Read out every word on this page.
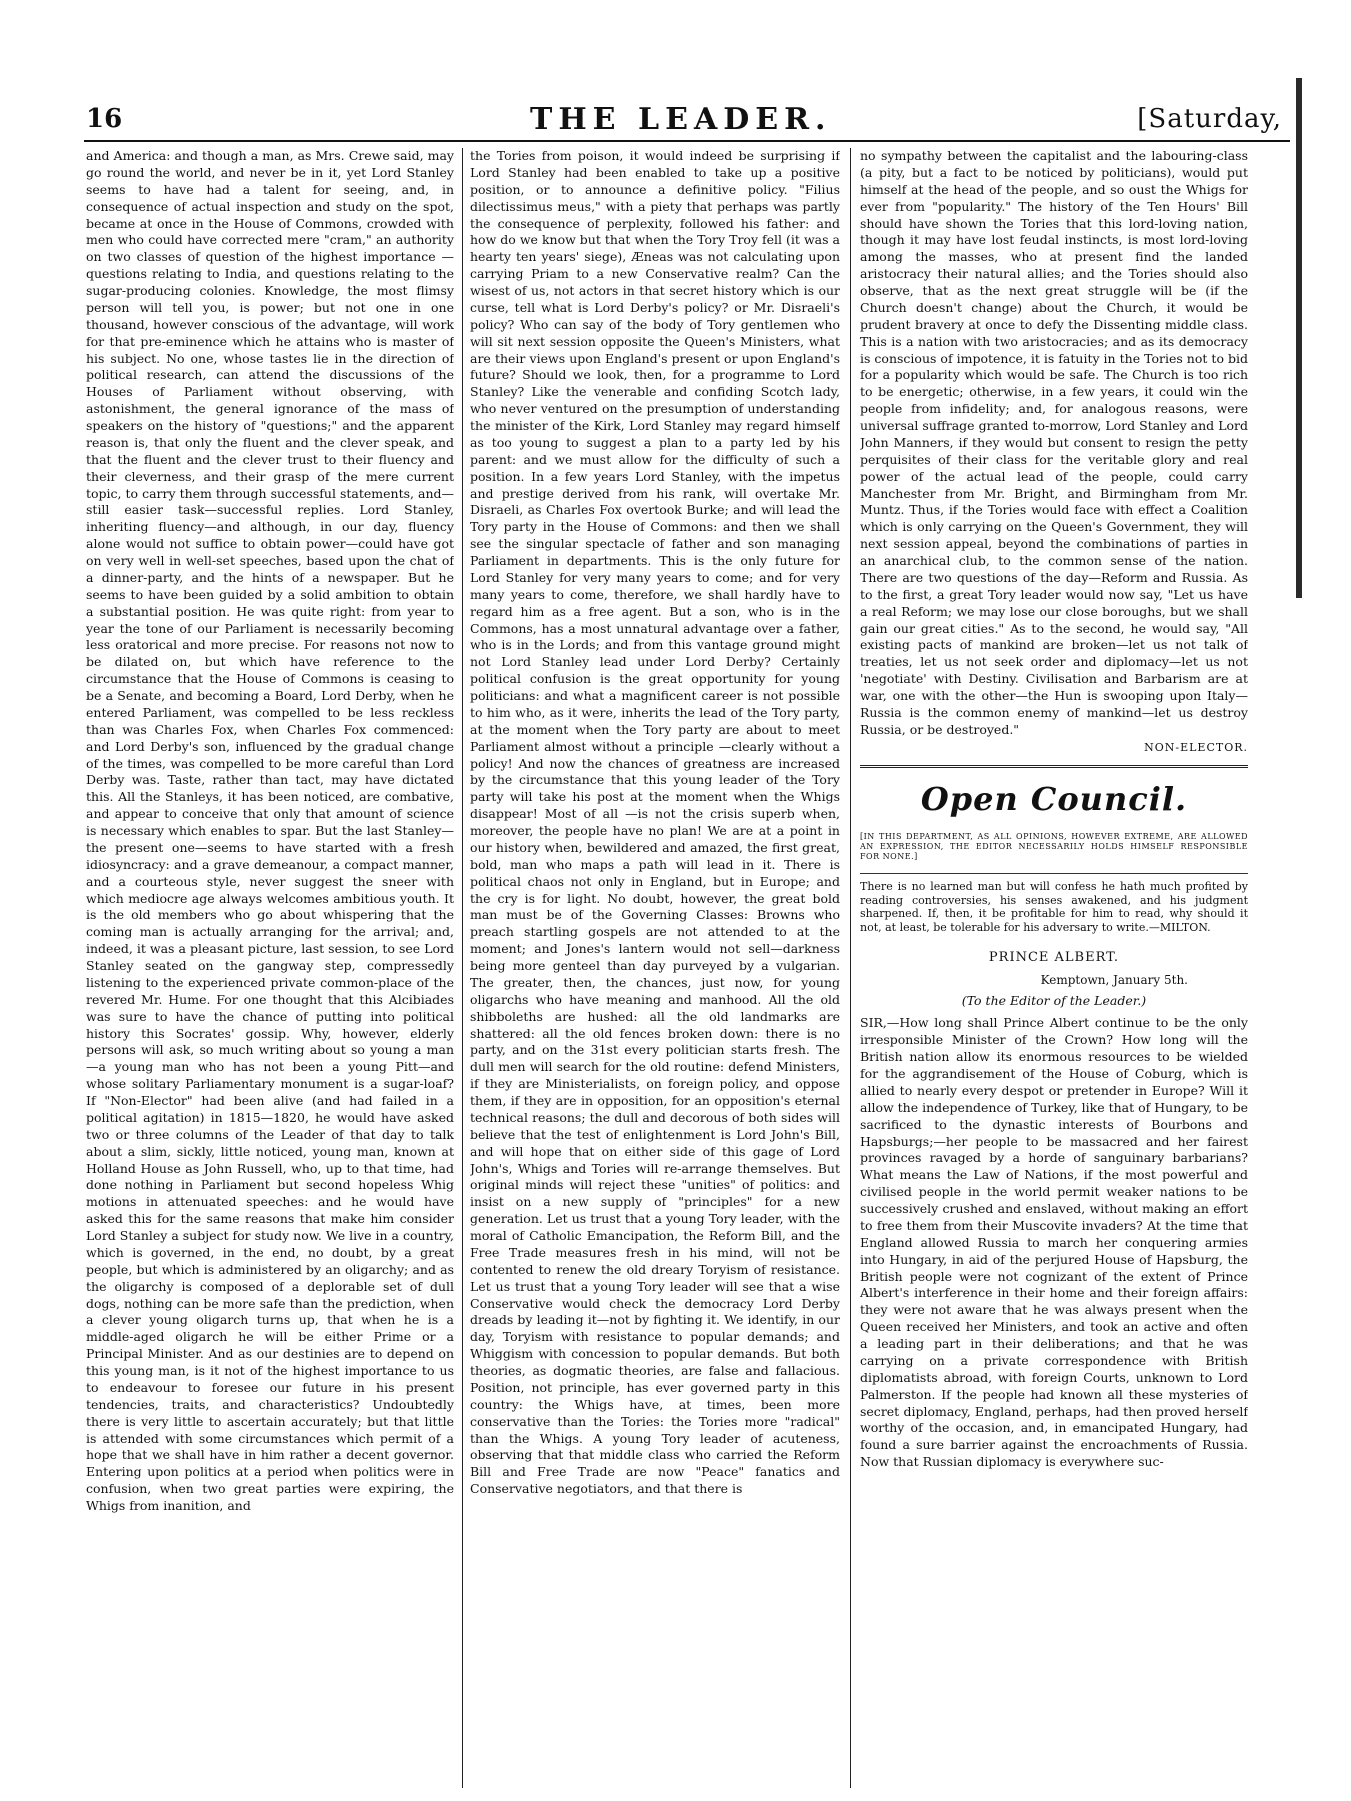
16	THE LEADER.	[Saturday,

and America: and though a man, as Mrs. Crewe said, may go round the world, and never be in it, yet Lord Stanley seems to have had a talent for seeing, and, in consequence of actual inspection and study on the spot, became at once in the House of Commons, crowded with men who could have corrected mere "cram," an authority on two classes of question of the highest importance — questions relating to India, and questions relating to the sugar-producing colonies. Knowledge, the most flimsy person will tell you, is power; but not one in one thousand, however conscious of the advantage, will work for that pre-eminence which he attains who is master of his subject. No one, whose tastes lie in the direction of political research, can attend the discussions of the Houses of Parliament without observing, with astonishment, the general ignorance of the mass of speakers on the history of "questions;" and the apparent reason is, that only the fluent and the clever speak, and that the fluent and the clever trust to their fluency and their cleverness, and their grasp of the mere current topic, to carry them through successful statements, and—still easier task—successful replies. Lord Stanley, inheriting fluency—and although, in our day, fluency alone would not suffice to obtain power—could have got on very well in well-set speeches, based upon the chat of a dinner-party, and the hints of a newspaper. But he seems to have been guided by a solid ambition to obtain a substantial position. He was quite right: from year to year the tone of our Parliament is necessarily becoming less oratorical and more precise. For reasons not now to be dilated on, but which have reference to the circumstance that the House of Commons is ceasing to be a Senate, and becoming a Board, Lord Derby, when he entered Parliament, was compelled to be less reckless than was Charles Fox, when Charles Fox commenced: and Lord Derby's son, influenced by the gradual change of the times, was compelled to be more careful than Lord Derby was. Taste, rather than tact, may have dictated this. All the Stanleys, it has been noticed, are combative, and appear to conceive that only that amount of science is necessary which enables to spar. But the last Stanley—the present one—seems to have started with a fresh idiosyncracy: and a grave demeanour, a compact manner, and a courteous style, never suggest the sneer with which mediocre age always welcomes ambitious youth. It is the old members who go about whispering that the coming man is actually arranging for the arrival; and, indeed, it was a pleasant picture, last session, to see Lord Stanley seated on the gangway step, compressedly listening to the experienced private common-place of the revered Mr. Hume. For one thought that this Alcibiades was sure to have the chance of putting into political history this Socrates' gossip. Why, however, elderly persons will ask, so much writing about so young a man—a young man who has not been a young Pitt—and whose solitary Parliamentary monument is a sugar-loaf? If "Non-Elector" had been alive (and had failed in a political agitation) in 1815—1820, he would have asked two or three columns of the Leader of that day to talk about a slim, sickly, little noticed, young man, known at Holland House as John Russell, who, up to that time, had done nothing in Parliament but second hopeless Whig motions in attenuated speeches: and he would have asked this for the same reasons that make him consider Lord Stanley a subject for study now. We live in a country, which is governed, in the end, no doubt, by a great people, but which is administered by an oligarchy; and as the oligarchy is composed of a deplorable set of dull dogs, nothing can be more safe than the prediction, when a clever young oligarch turns up, that when he is a middle-aged oligarch he will be either Prime or a Principal Minister. And as our destinies are to depend on this young man, is it not of the highest importance to us to endeavour to foresee our future in his present tendencies, traits, and characteristics? Undoubtedly there is very little to ascertain accurately; but that little is attended with some circumstances which permit of a hope that we shall have in him rather a decent governor. Entering upon politics at a period when politics were in confusion, when two great parties were expiring, the Whigs from inanition, and

the Tories from poison, it would indeed be surprising if Lord Stanley had been enabled to take up a positive position, or to announce a definitive policy. "Filius dilectissimus meus," with a piety that perhaps was partly the consequence of perplexity, followed his father: and how do we know but that when the Tory Troy fell (it was a hearty ten years' siege), Æneas was not calculating upon carrying Priam to a new Conservative realm? Can the wisest of us, not actors in that secret history which is our curse, tell what is Lord Derby's policy? or Mr. Disraeli's policy? Who can say of the body of Tory gentlemen who will sit next session opposite the Queen's Ministers, what are their views upon England's present or upon England's future? Should we look, then, for a programme to Lord Stanley? Like the venerable and confiding Scotch lady, who never ventured on the presumption of understanding the minister of the Kirk, Lord Stanley may regard himself as too young to suggest a plan to a party led by his parent: and we must allow for the difficulty of such a position. In a few years Lord Stanley, with the impetus and prestige derived from his rank, will overtake Mr. Disraeli, as Charles Fox overtook Burke; and will lead the Tory party in the House of Commons: and then we shall see the singular spectacle of father and son managing Parliament in departments. This is the only future for Lord Stanley for very many years to come; and for very many years to come, therefore, we shall hardly have to regard him as a free agent. But a son, who is in the Commons, has a most unnatural advantage over a father, who is in the Lords; and from this vantage ground might not Lord Stanley lead under Lord Derby? Certainly political confusion is the great opportunity for young politicians: and what a magnificent career is not possible to him who, as it were, inherits the lead of the Tory party, at the moment when the Tory party are about to meet Parliament almost without a principle —clearly without a policy! And now the chances of greatness are increased by the circumstance that this young leader of the Tory party will take his post at the moment when the Whigs disappear! Most of all —is not the crisis superb when, moreover, the people have no plan! We are at a point in our history when, bewildered and amazed, the first great, bold, man who maps a path will lead in it. There is political chaos not only in England, but in Europe; and the cry is for light. No doubt, however, the great bold man must be of the Governing Classes: Browns who preach startling gospels are not attended to at the moment; and Jones's lantern would not sell—darkness being more genteel than day purveyed by a vulgarian. The greater, then, the chances, just now, for young oligarchs who have meaning and manhood. All the old shibboleths are hushed: all the old landmarks are shattered: all the old fences broken down: there is no party, and on the 31st every politician starts fresh. The dull men will search for the old routine: defend Ministers, if they are Ministerialists, on foreign policy, and oppose them, if they are in opposition, for an opposition's eternal technical reasons; the dull and decorous of both sides will believe that the test of enlightenment is Lord John's Bill, and will hope that on either side of this gage of Lord John's, Whigs and Tories will re-arrange themselves. But original minds will reject these "unities" of politics: and insist on a new supply of "principles" for a new generation. Let us trust that a young Tory leader, with the moral of Catholic Emancipation, the Reform Bill, and the Free Trade measures fresh in his mind, will not be contented to renew the old dreary Toryism of resistance. Let us trust that a young Tory leader will see that a wise Conservative would check the democracy Lord Derby dreads by leading it—not by fighting it. We identify, in our day, Toryism with resistance to popular demands; and Whiggism with concession to popular demands. But both theories, as dogmatic theories, are false and fallacious. Position, not principle, has ever governed party in this country: the Whigs have, at times, been more conservative than the Tories: the Tories more "radical" than the Whigs. A young Tory leader of acuteness, observing that that middle class who carried the Reform Bill and Free Trade are now "Peace" fanatics and Conservative negotiators, and that there is

no sympathy between the capitalist and the labouring-class (a pity, but a fact to be noticed by politicians), would put himself at the head of the people, and so oust the Whigs for ever from "popularity." The history of the Ten Hours' Bill should have shown the Tories that this lord-loving nation, though it may have lost feudal instincts, is most lord-loving among the masses, who at present find the landed aristocracy their natural allies; and the Tories should also observe, that as the next great struggle will be (if the Church doesn't change) about the Church, it would be prudent bravery at once to defy the Dissenting middle class. This is a nation with two aristocracies; and as its democracy is conscious of impotence, it is fatuity in the Tories not to bid for a popularity which would be safe. The Church is too rich to be energetic; otherwise, in a few years, it could win the people from infidelity; and, for analogous reasons, were universal suffrage granted to-morrow, Lord Stanley and Lord John Manners, if they would but consent to resign the petty perquisites of their class for the veritable glory and real power of the actual lead of the people, could carry Manchester from Mr. Bright, and Birmingham from Mr. Muntz. Thus, if the Tories would face with effect a Coalition which is only carrying on the Queen's Government, they will next session appeal, beyond the combinations of parties in an anarchical club, to the common sense of the nation. There are two questions of the day—Reform and Russia. As to the first, a great Tory leader would now say, "Let us have a real Reform; we may lose our close boroughs, but we shall gain our great cities." As to the second, he would say, "All existing pacts of mankind are broken—let us not talk of treaties, let us not seek order and diplomacy—let us not 'negotiate' with Destiny. Civilisation and Barbarism are at war, one with the other—the Hun is swooping upon Italy—Russia is the common enemy of mankind—let us destroy Russia, or be destroyed."

NON-ELECTOR.
Open Council.
[IN THIS DEPARTMENT, AS ALL OPINIONS, HOWEVER EXTREME, ARE ALLOWED AN EXPRESSION, THE EDITOR NECESSARILY HOLDS HIMSELF RESPONSIBLE FOR NONE.]
There is no learned man but will confess he hath much profited by reading controversies, his senses awakened, and his judgment sharpened. If, then, it be profitable for him to read, why should it not, at least, be tolerable for his adversary to write.—MILTON.
PRINCE ALBERT.
Kemptown, January 5th.
(To the Editor of the Leader.)

SIR,—How long shall Prince Albert continue to be the only irresponsible Minister of the Crown? How long will the British nation allow its enormous resources to be wielded for the aggrandisement of the House of Coburg, which is allied to nearly every despot or pretender in Europe? Will it allow the independence of Turkey, like that of Hungary, to be sacrificed to the dynastic interests of Bourbons and Hapsburgs;—her people to be massacred and her fairest provinces ravaged by a horde of sanguinary barbarians? What means the Law of Nations, if the most powerful and civilised people in the world permit weaker nations to be successively crushed and enslaved, without making an effort to free them from their Muscovite invaders? At the time that England allowed Russia to march her conquering armies into Hungary, in aid of the perjured House of Hapsburg, the British people were not cognizant of the extent of Prince Albert's interference in their home and their foreign affairs: they were not aware that he was always present when the Queen received her Ministers, and took an active and often a leading part in their deliberations; and that he was carrying on a private correspondence with British diplomatists abroad, with foreign Courts, unknown to Lord Palmerston. If the people had known all these mysteries of secret diplomacy, England, perhaps, had then proved herself worthy of the occasion, and, in emancipated Hungary, had found a sure barrier against the encroachments of Russia. Now that Russian diplomacy is everywhere suc-
